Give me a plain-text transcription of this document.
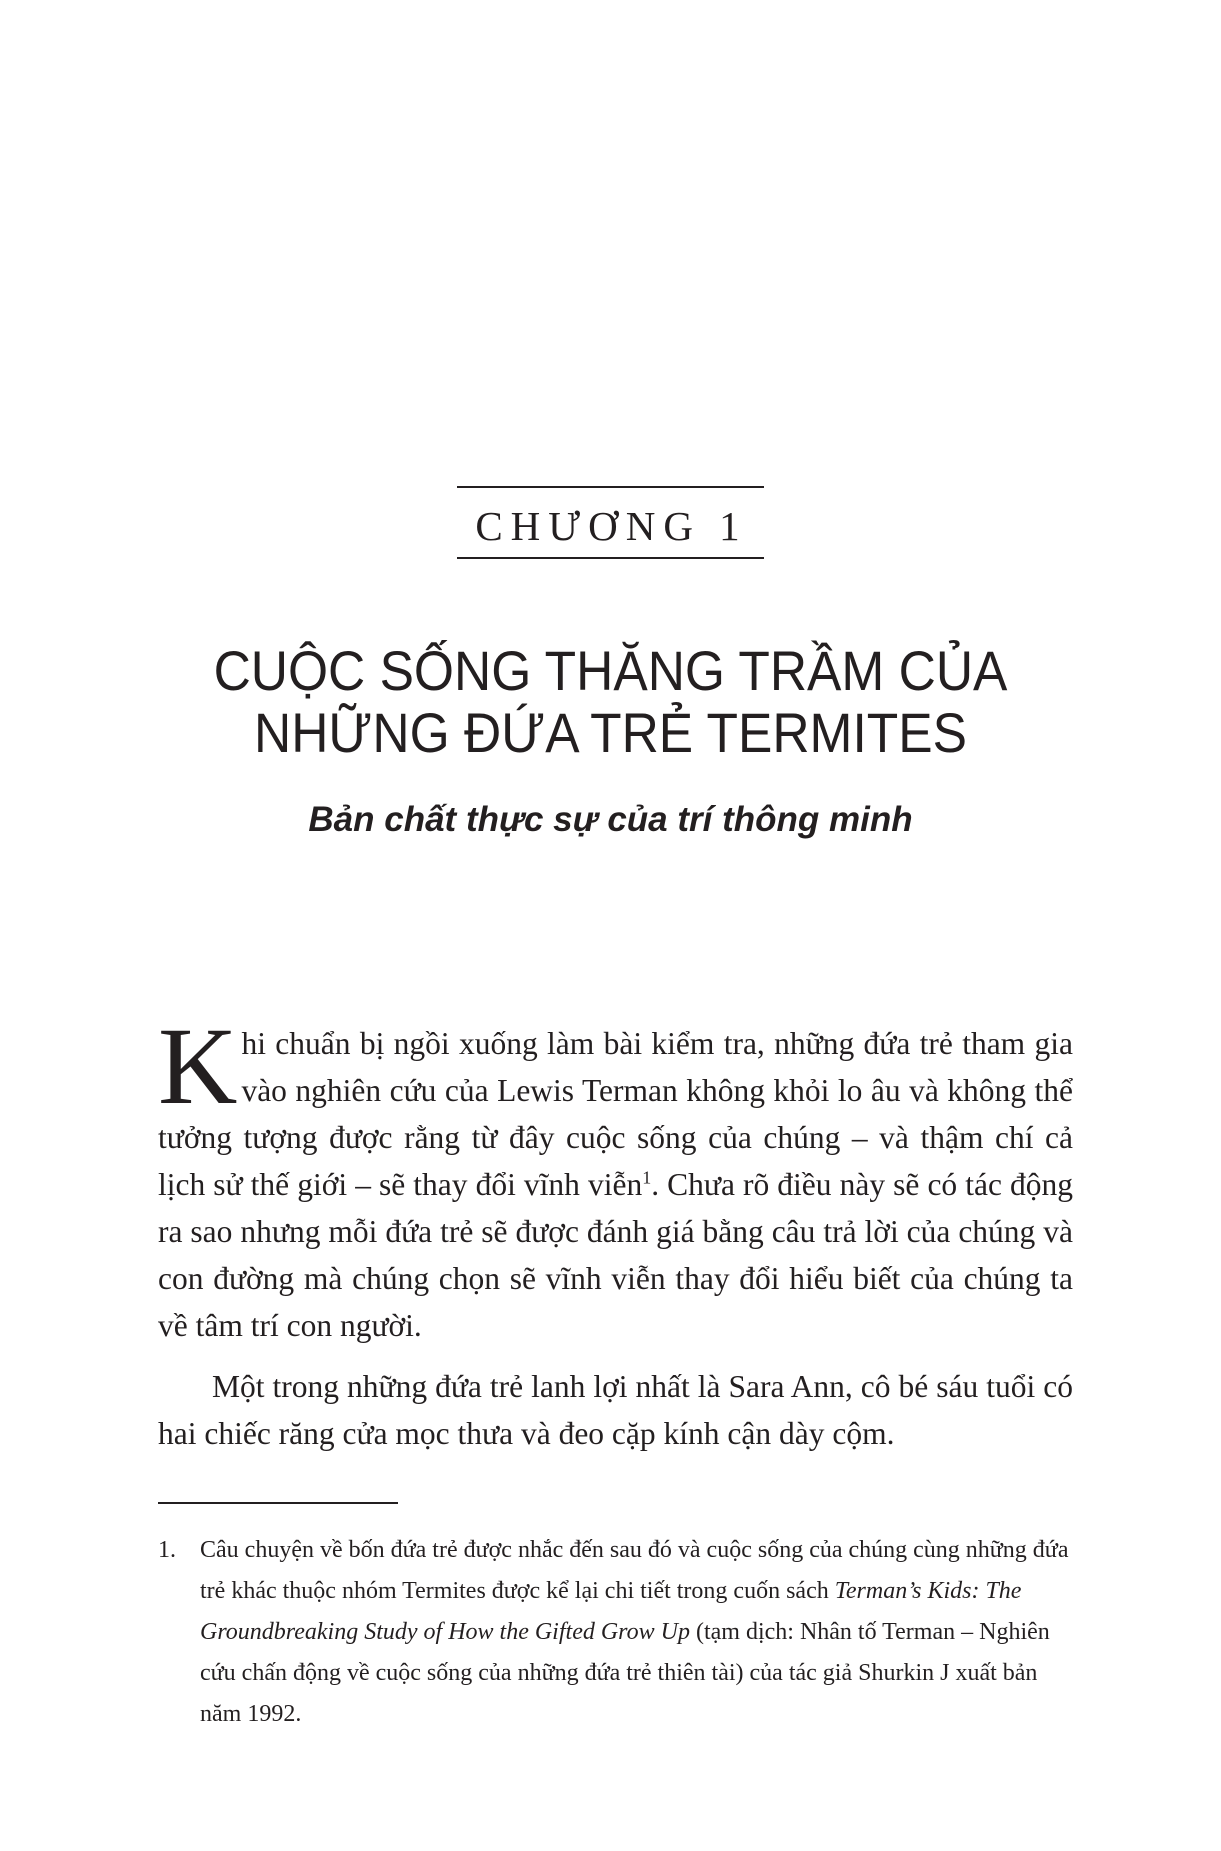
CHƯƠNG 1
CUỘC SỐNG THĂNG TRẦM CỦA
NHỮNG ĐỨA TRẺ TERMITES
Bản chất thực sự của trí thông minh

Khi chuẩn bị ngồi xuống làm bài kiểm tra, những đứa trẻ tham gia vào nghiên cứu của Lewis Terman không khỏi lo âu và không thể tưởng tượng được rằng từ đây cuộc sống của chúng – và thậm chí cả lịch sử thế giới – sẽ thay đổi vĩnh viễn$^1$. Chưa rõ điều này sẽ có tác động ra sao nhưng mỗi đứa trẻ sẽ được đánh giá bằng câu trả lời của chúng và con đường mà chúng chọn sẽ vĩnh viễn thay đổi hiểu biết của chúng ta về tâm trí con người.

Một trong những đứa trẻ lanh lợi nhất là Sara Ann, cô bé sáu tuổi có hai chiếc răng cửa mọc thưa và đeo cặp kính cận dày cộm.

1.	Câu chuyện về bốn đứa trẻ được nhắc đến sau đó và cuộc sống của chúng cùng những đứa trẻ khác thuộc nhóm Termites được kể lại chi tiết trong cuốn sách Terman’s Kids: The Groundbreaking Study of How the Gifted Grow Up (tạm dịch: Nhân tố Terman – Nghiên cứu chấn động về cuộc sống của những đứa trẻ thiên tài) của tác giả Shurkin J xuất bản năm 1992.
